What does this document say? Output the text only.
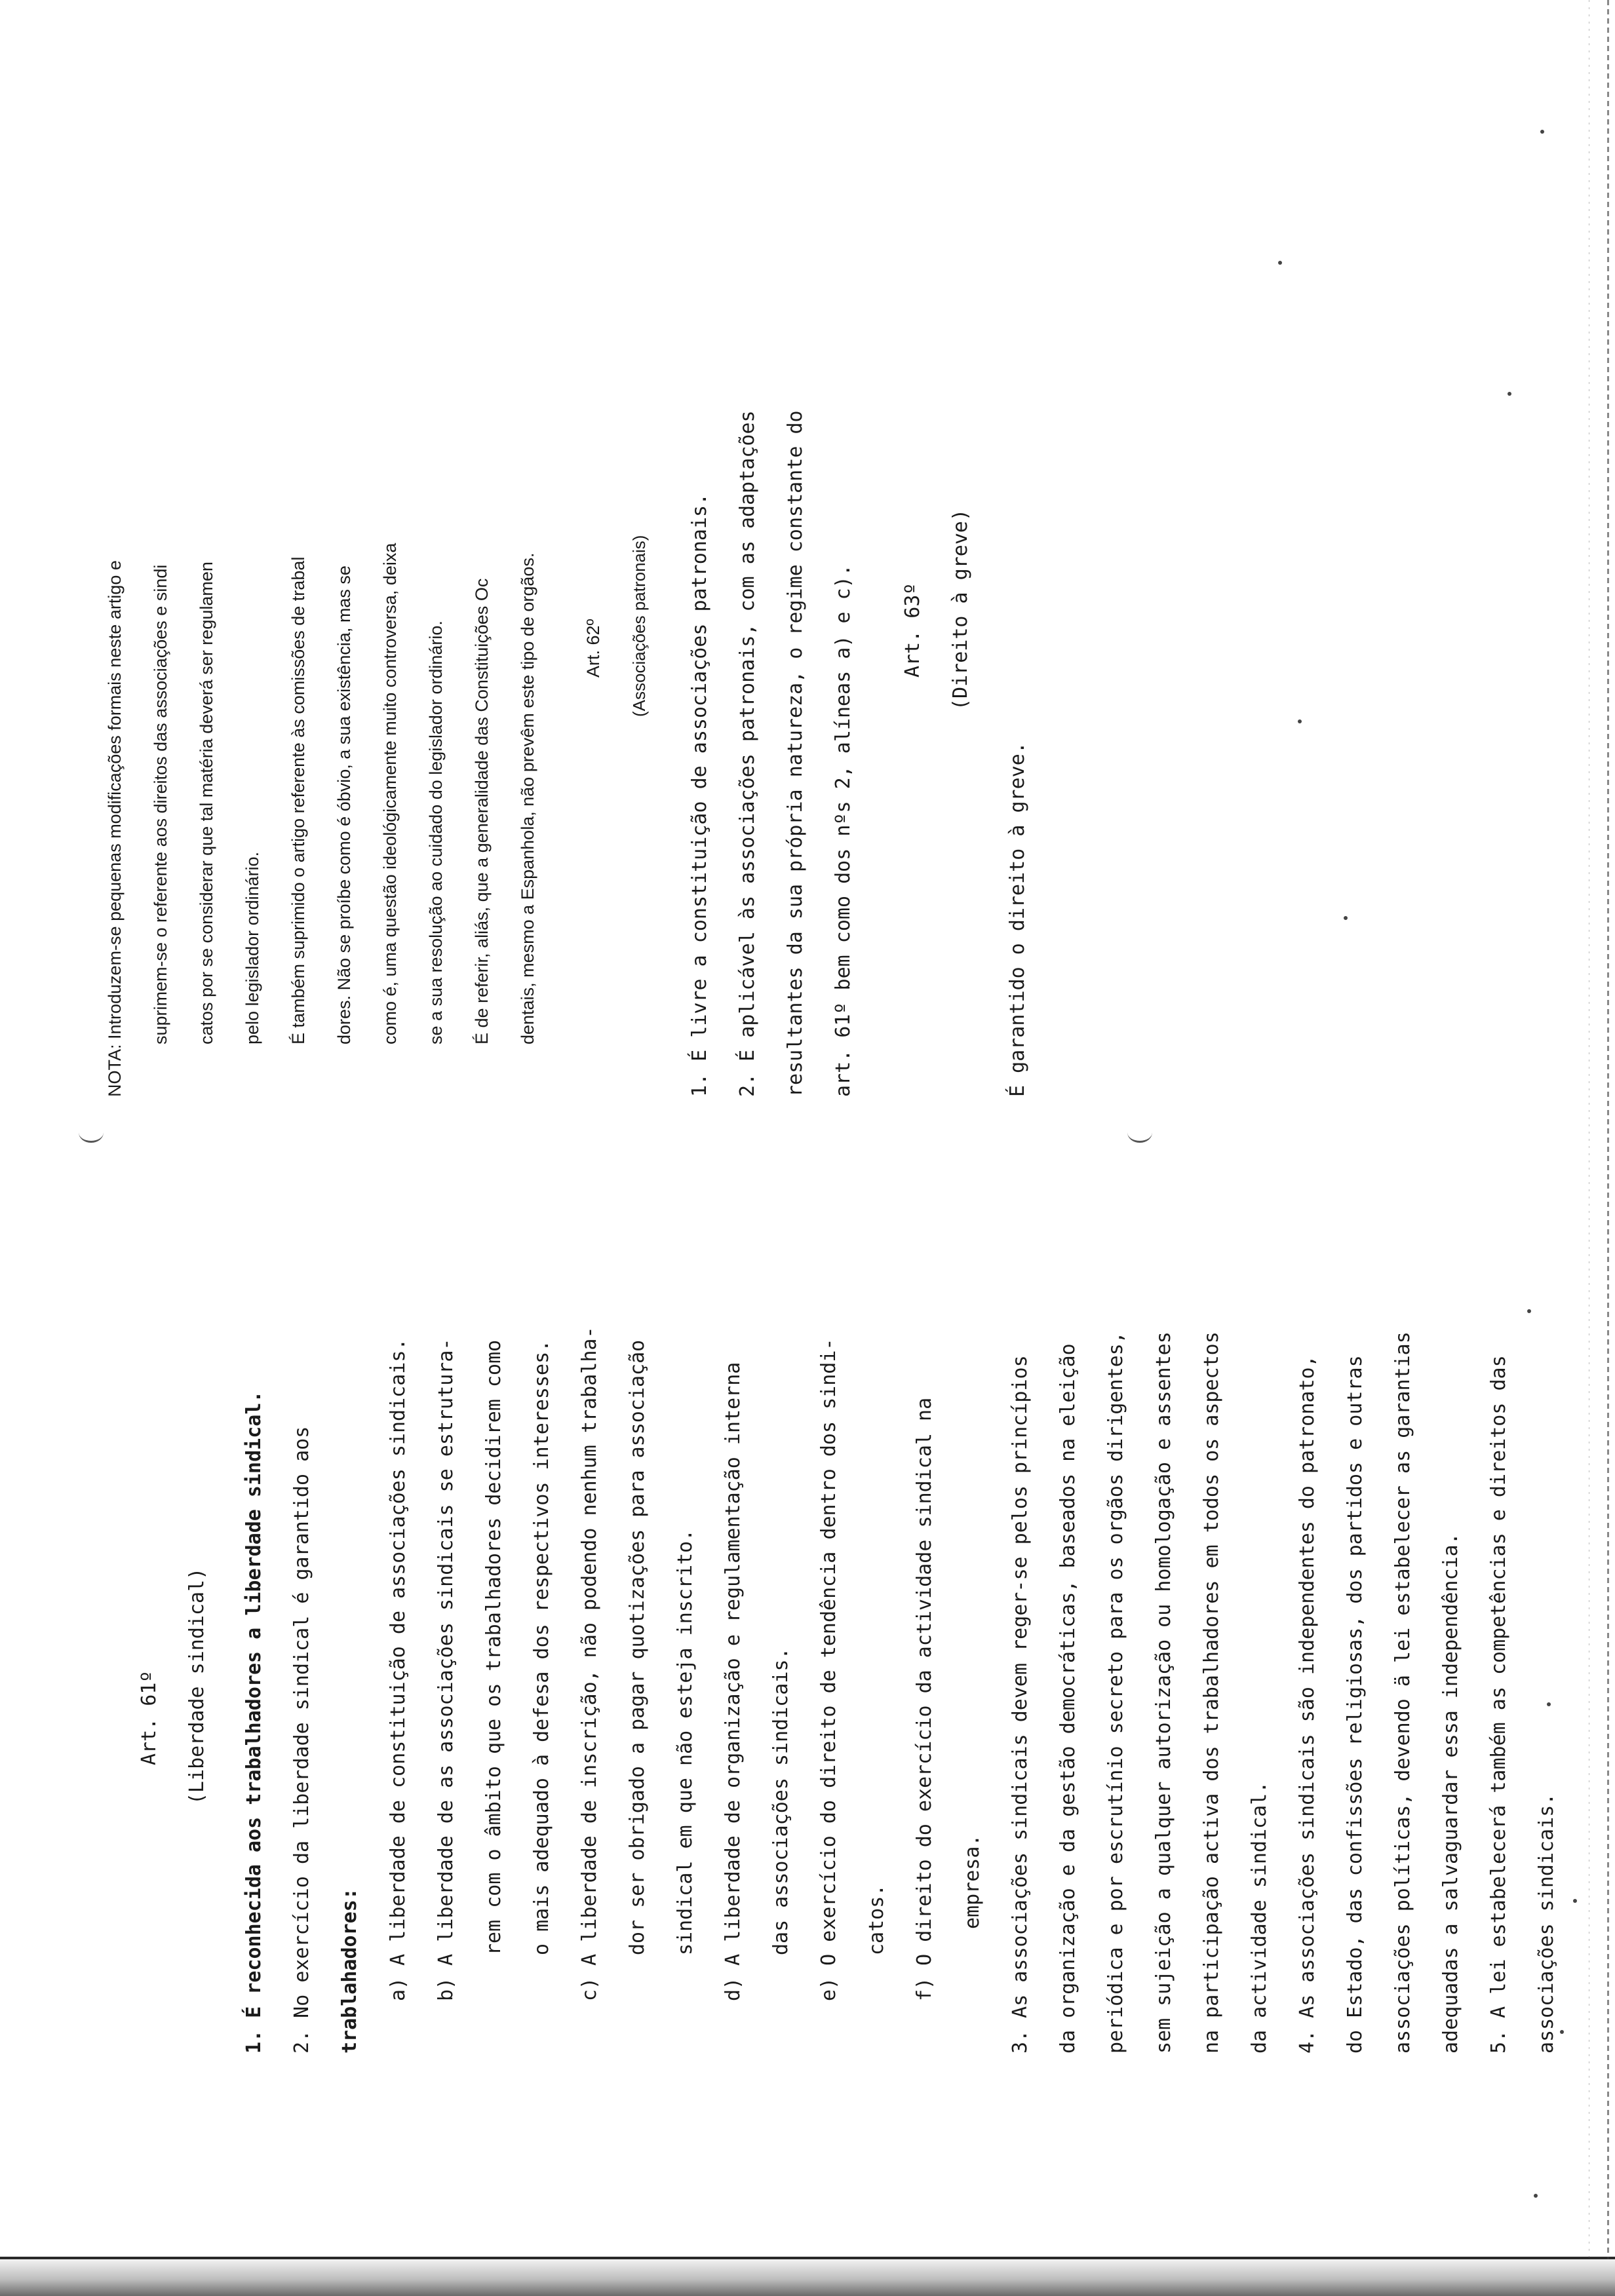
Art. 61º (Liberdade sindical) 1. É reconhecida aos trabalhadores a liberdade sindical. 2. No exercício da liberdade sindical é garantido aos trablahadores: a) A liberdade de constituição de associações sindicais. b) A liberdade de as associações sindicais se estrutura- rem com o âmbito que os trabalhadores decidirem como o mais adequado à defesa dos respectivos interesses. c) A liberdade de inscrição, não podendo nenhum trabalha- dor ser obrigado a pagar quotizações para associação sindical em que não esteja inscrito. d) A liberdade de organização e regulamentação interna das associações sindicais. e) O exercício do direito de tendência dentro dos sindi- catos. f) O direito do exercício da actividade sindical na empresa. 3. As associações sindicais devem reger-se pelos princípios da organização e da gestão democráticas, baseados na eleição periódica e por escrutínio secreto para os orgãos dirigentes, sem sujeição a qualquer autorização ou homologação e assentes na participação activa dos trabalhadores em todos os aspectos da actividade sindical. 4. As associações sindicais são independentes do patronato, do Estado, das confissões religiosas, dos partidos e outras associações políticas, devendo ä lei estabelecer as garantias adequadas a salvaguardar essa independência. 5. A lei estabelecerá também as competências e direitos das associações sindicais.
NOTA: Introduzem-se pequenas modificações formais neste artigo e suprimem-se o referente aos direitos das associações e sindi catos por se considerar que tal matéria deverá ser regulamen pelo legislador ordinário. É também suprimido o artigo referente às comissões de trabal dores. Não se proíbe como é óbvio, a sua existência, mas se como é, uma questão ideológicamente muito controversa, deixa se a sua resolução ao cuidado do legislador ordinário. É de referir, aliás, que a generalidade das Constituições Oc dentais, mesmo a Espanhola, não prevêm este tipo de orgãos.	Art. 62º (Associações patronais) 1. É livre a constituição de associações patronais. 2. É aplicável às associações patronais, com as adaptações resultantes da sua própria natureza, o regime constante do art. 61º bem como dos nºs 2, alíneas a) e c). Art. 63º (Direito à greve)
É garantido o direito à greve.
